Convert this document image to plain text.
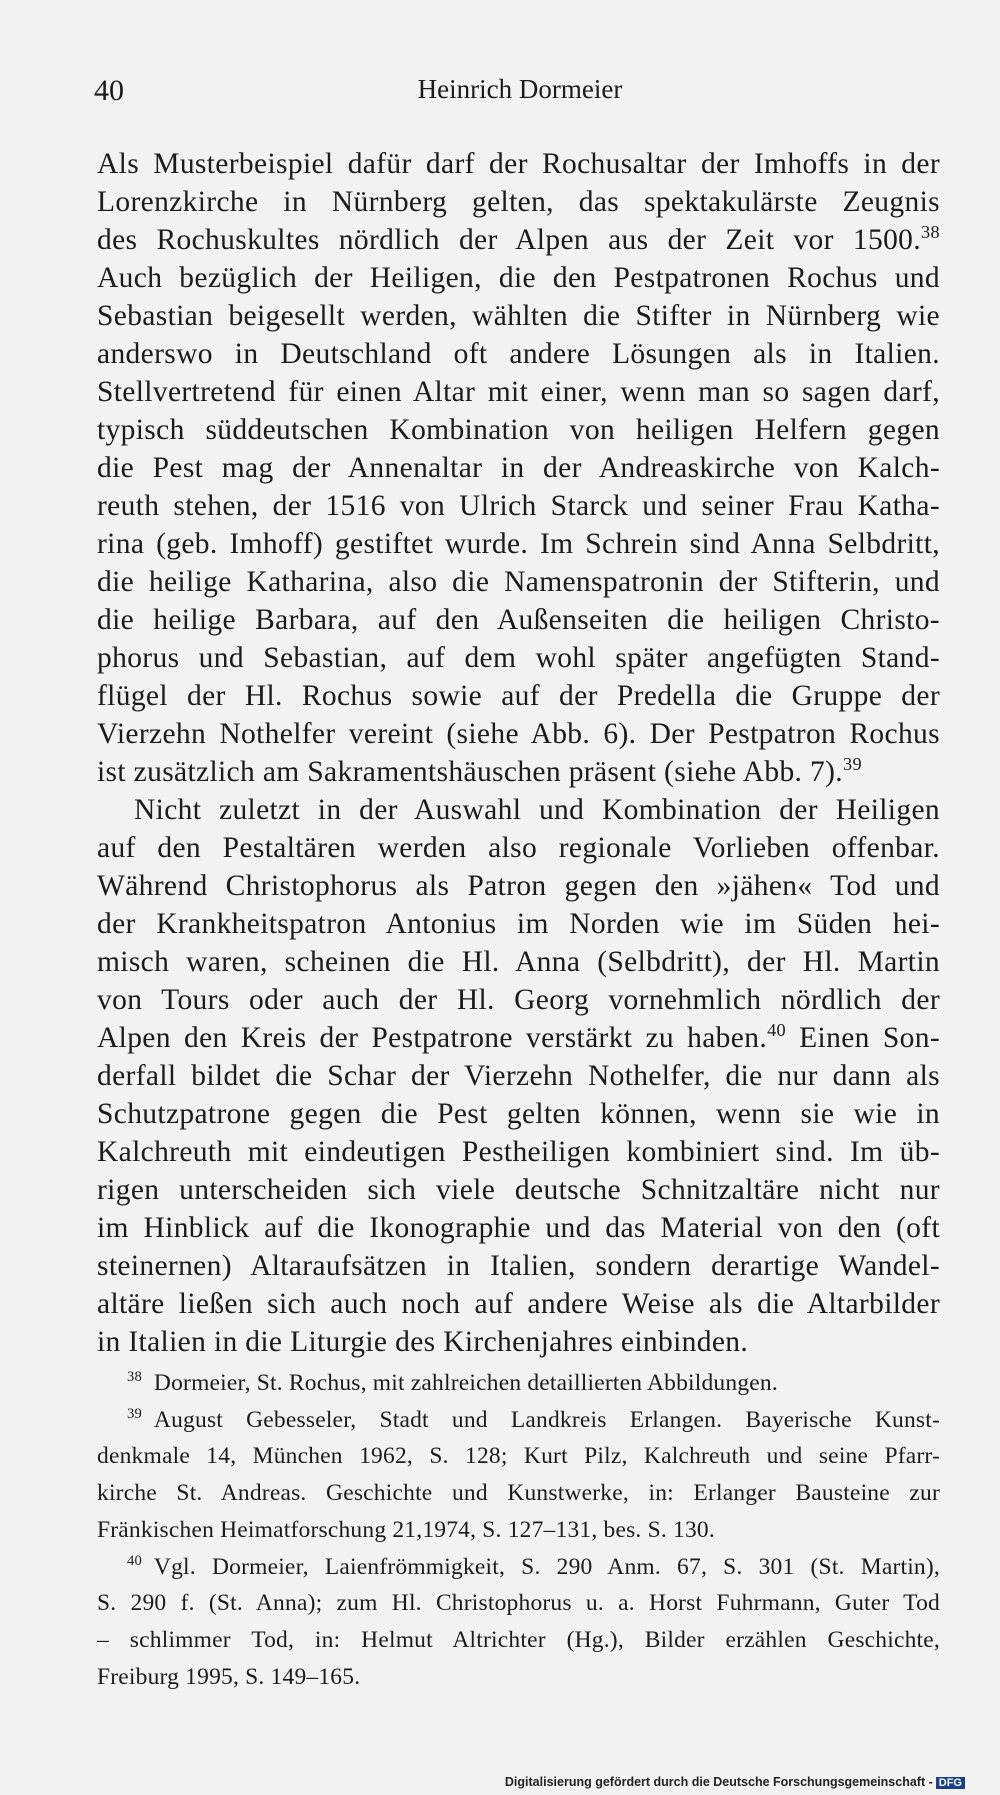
40	Heinrich Dormeier
Als Musterbeispiel dafür darf der Rochusaltar der Imhoffs in der
Lorenzkirche in Nürnberg gelten, das spektakulärste Zeugnis
des Rochuskultes nördlich der Alpen aus der Zeit vor 1500.38
Auch bezüglich der Heiligen, die den Pestpatronen Rochus und
Sebastian beigesellt werden, wählten die Stifter in Nürnberg wie
anderswo in Deutschland oft andere Lösungen als in Italien.
Stellvertretend für einen Altar mit einer, wenn man so sagen darf,
typisch süddeutschen Kombination von heiligen Helfern gegen
die Pest mag der Annenaltar in der Andreaskirche von Kalch-
reuth stehen, der 1516 von Ulrich Starck und seiner Frau Katha-
rina (geb. Imhoff) gestiftet wurde. Im Schrein sind Anna Selbdritt,
die heilige Katharina, also die Namenspatronin der Stifterin, und
die heilige Barbara, auf den Außenseiten die heiligen Christo-
phorus und Sebastian, auf dem wohl später angefügten Stand-
flügel der Hl. Rochus sowie auf der Predella die Gruppe der
Vierzehn Nothelfer vereint (siehe Abb. 6). Der Pestpatron Rochus
ist zusätzlich am Sakramentshäuschen präsent (siehe Abb. 7).$^{39}$
Nicht zuletzt in der Auswahl und Kombination der Heiligen
auf den Pestaltären werden also regionale Vorlieben offenbar.
Während Christophorus als Patron gegen den »jähen« Tod und
der Krankheitspatron Antonius im Norden wie im Süden hei-
misch waren, scheinen die Hl. Anna (Selbdritt), der Hl. Martin
von Tours oder auch der Hl. Georg vornehmlich nördlich der
Alpen den Kreis der Pestpatrone verstärkt zu haben.$^{40}$ Einen Son-
derfall bildet die Schar der Vierzehn Nothelfer, die nur dann als
Schutzpatrone gegen die Pest gelten können, wenn sie wie in
Kalchreuth mit eindeutigen Pestheiligen kombiniert sind. Im üb-
rigen unterscheiden sich viele deutsche Schnitzaltäre nicht nur
im Hinblick auf die Ikonographie und das Material von den (oft
steinernen) Altaraufsätzen in Italien, sondern derartige Wandel-
altäre ließen sich auch noch auf andere Weise als die Altarbilder
in Italien in die Liturgie des Kirchenjahres einbinden.
$^{38}$  Dormeier, St. Rochus, mit zahlreichen detaillierten Abbildungen.
$^{39}$  August Gebesseler, Stadt und Landkreis Erlangen. Bayerische Kunst-
denkmale 14, München 1962, S. 128; Kurt Pilz, Kalchreuth und seine Pfarr-
kirche St. Andreas. Geschichte und Kunstwerke, in: Erlanger Bausteine zur
Fränkischen Heimatforschung 21,1974, S. 127–131, bes. S. 130.
$^{40}$  Vgl. Dormeier, Laienfrömmigkeit, S. 290 Anm. 67, S. 301 (St. Martin),
S. 290 f. (St. Anna); zum Hl. Christophorus u. a. Horst Fuhrmann, Guter Tod
– schlimmer Tod, in: Helmut Altrichter (Hg.), Bilder erzählen Geschichte,
Freiburg 1995, S. 149–165.
Digitalisierung gefördert durch die Deutsche Forschungsgemeinschaft - DFG
